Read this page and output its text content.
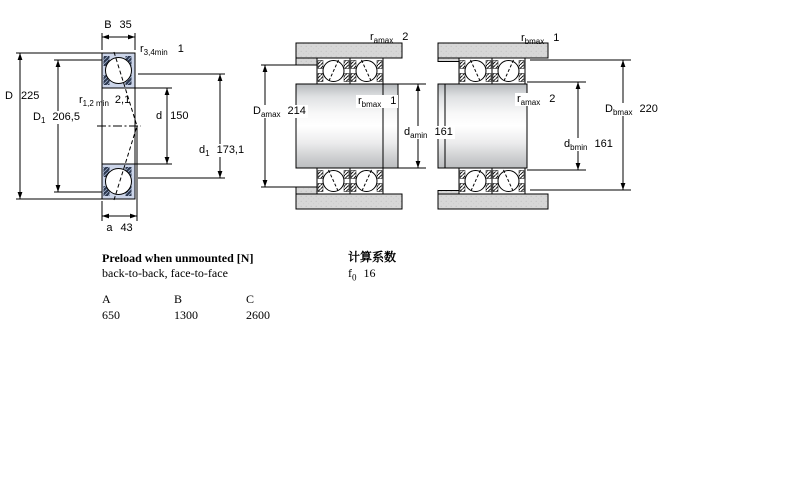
B 35
$r_{3,4min}$ 1
D 225
$D_1$ 206,5
$r_{1,2 min}$ 2,1
d 150
$d_1$ 173,1
a 43
$r_{amax}$ 2
$D_{amax}$ 214
$r_{bmax}$ 1
$d_{amin}$ 161
$r_{bmax}$ 1
$r_{amax}$ 2
$D_{bmax}$ 220
$d_{bmin}$ 161
Preload when unmounted [N]
back-to-back, face-to-face
计算系数
$f_0$ 16
A
650
B
1300
C
2600
